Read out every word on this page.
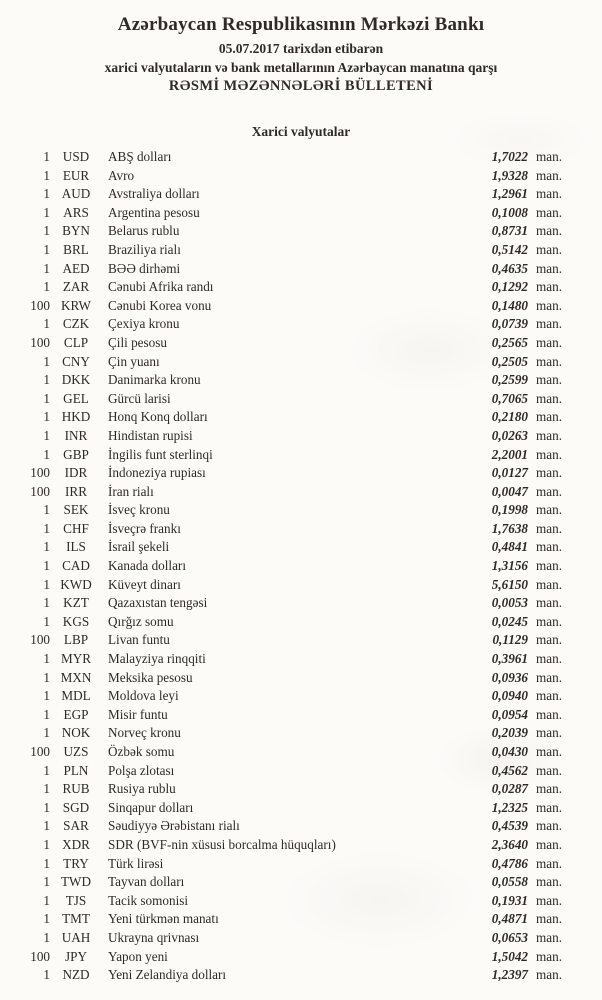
Azərbaycan Respublikasının Mərkəzi Bankı
05.07.2017 tarixdən etibarən
xarici valyutaların və bank metallarının Azərbaycan manatına qarşı
RƏSMİ MƏZƏNNƏLƏRİ BÜLLETENİ
Xarici valyutalar
1 USD	ABŞ dolları	1,7022 man.
1 EUR	Avro	1,9328 man.
1 AUD	Avstraliya dolları	1,2961 man.
1 ARS	Argentina pesosu	0,1008 man.
1 BYN	Belarus rublu	0,8731 man.
1 BRL	Braziliya rialı	0,5142 man.
1 AED	BƏƏ dirhəmi	0,4635 man.
1 ZAR	Cənubi Afrika randı	0,1292 man.
100 KRW	Cənubi Korea vonu	0,1480 man.
1 CZK	Çexiya kronu	0,0739 man.
100	CLP	Çili pesosu	0,2565 man.
1 CNY	Çin yuanı	0,2505 man.
1 DKK	Danimarka kronu	0,2599 man.
1 GEL	Gürcü larisi	0,7065 man.
1 HKD	Honq Konq dolları	0,2180 man.
1	INR	Hindistan rupisi	0,0263 man.
1 GBP	İngilis funt sterlinqi	2,2001 man.
100	IDR	İndoneziya rupiası	0,0127 man.
100	IRR	İran rialı	0,0047 man.
1	SEK	İsveç kronu	0,1998 man.
1 CHF	İsveçrə frankı	1,7638 man.
1	ILS	İsrail şekeli	0,4841 man.
1 CAD	Kanada dolları	1,3156 man.
1 KWD	Küveyt dinarı	5,6150 man.
1 KZT	Qazaxıstan tengəsi	0,0053 man.
1 KGS	Qırğız somu	0,0245 man.
100	LBP	Livan funtu	0,1129 man.
1 MYR	Malayziya rinqqiti	0,3961 man.
1 MXN	Meksika pesosu	0,0936 man.
1 MDL	Moldova leyi	0,0940 man.
1	EGP	Misir funtu	0,0954 man.
1 NOK	Norveç kronu	0,2039 man.
100	UZS	Özbək somu	0,0430 man.
1	PLN	Polşa zlotası	0,4562 man.
1 RUB	Rusiya rublu	0,0287 man.
1 SGD	Sinqapur dolları	1,2325 man.
1 SAR	Səudiyyə Ərəbistanı rialı	0,4539 man.
1 XDR	SDR (BVF-nin xüsusi borcalma hüquqları)	2,3640 man.
1 TRY	Türk lirəsi	0,4786 man.
1 TWD	Tayvan dolları	0,0558 man.
1	TJS	Tacik somonisi	0,1931 man.
1 TMT	Yeni türkmən manatı	0,4871 man.
1 UAH	Ukrayna qrivnası	0,0653 man.
100	JPY	Yapon yeni	1,5042 man.
1 NZD	Yeni Zelandiya dolları	1,2397 man.
